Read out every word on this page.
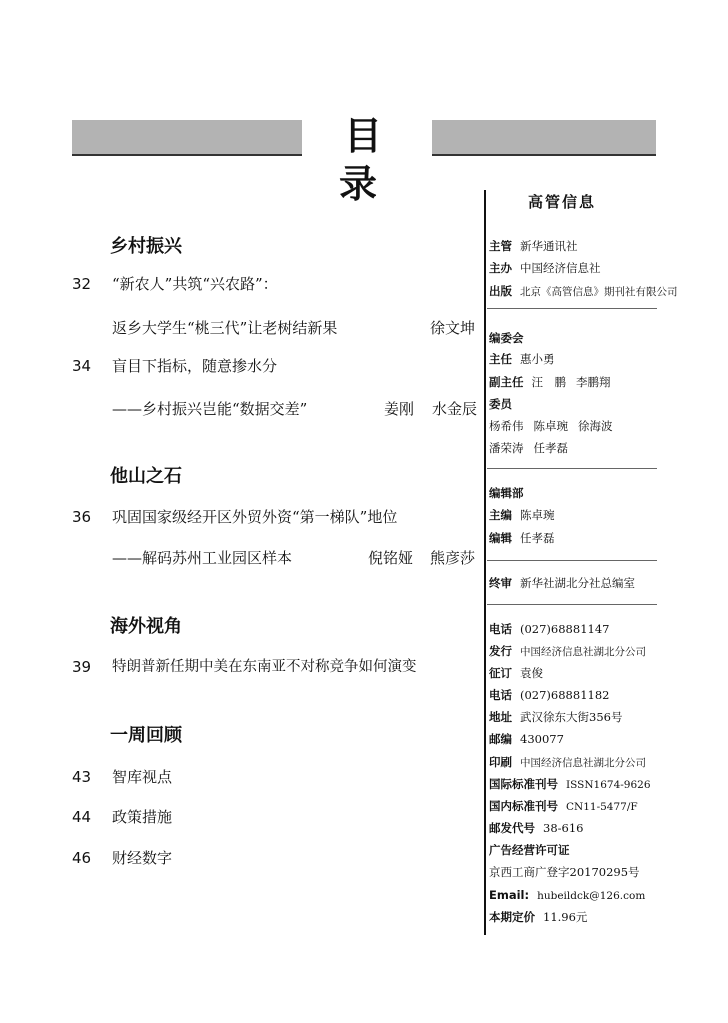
目 录
乡村振兴
32	“新农人”共筑“兴农路”：
返乡大学生“桃三代”让老树结新果	徐文坤
34	盲目下指标，随意掺水分
——乡村振兴岂能“数据交差”	姜刚 水金辰
他山之石
36	巩固国家级经开区外贸外资“第一梯队”地位
——解码苏州工业园区样本	倪铭娅 熊彦莎
海外视角
39	特朗普新任期中美在东南亚不对称竞争如何演变
一周回顾
43	智库视点
44	政策措施
46	财经数字
高管信息
主管 新华通讯社
主办 中国经济信息社
出版 北京《高管信息》期刊社有限公司
编委会
主任 惠小勇
副主任 汪　鹏 李鹏翔
委员
杨希伟 陈卓琬 徐海波
潘荣涛 任孝磊
编辑部
主编 陈卓琬
编辑 任孝磊
终审 新华社湖北分社总编室
电话 (027)68881147
发行 中国经济信息社湖北分公司
征订 袁俊
电话 (027)68881182
地址 武汉徐东大街356号
邮编 430077
印刷 中国经济信息社湖北分公司
国际标准刊号 ISSN1674-9626
国内标准刊号 CN11-5477/F
邮发代号 38-616
广告经营许可证
京西工商广登字20170295号
Email: hubeildck@126.com
本期定价 11.96元
